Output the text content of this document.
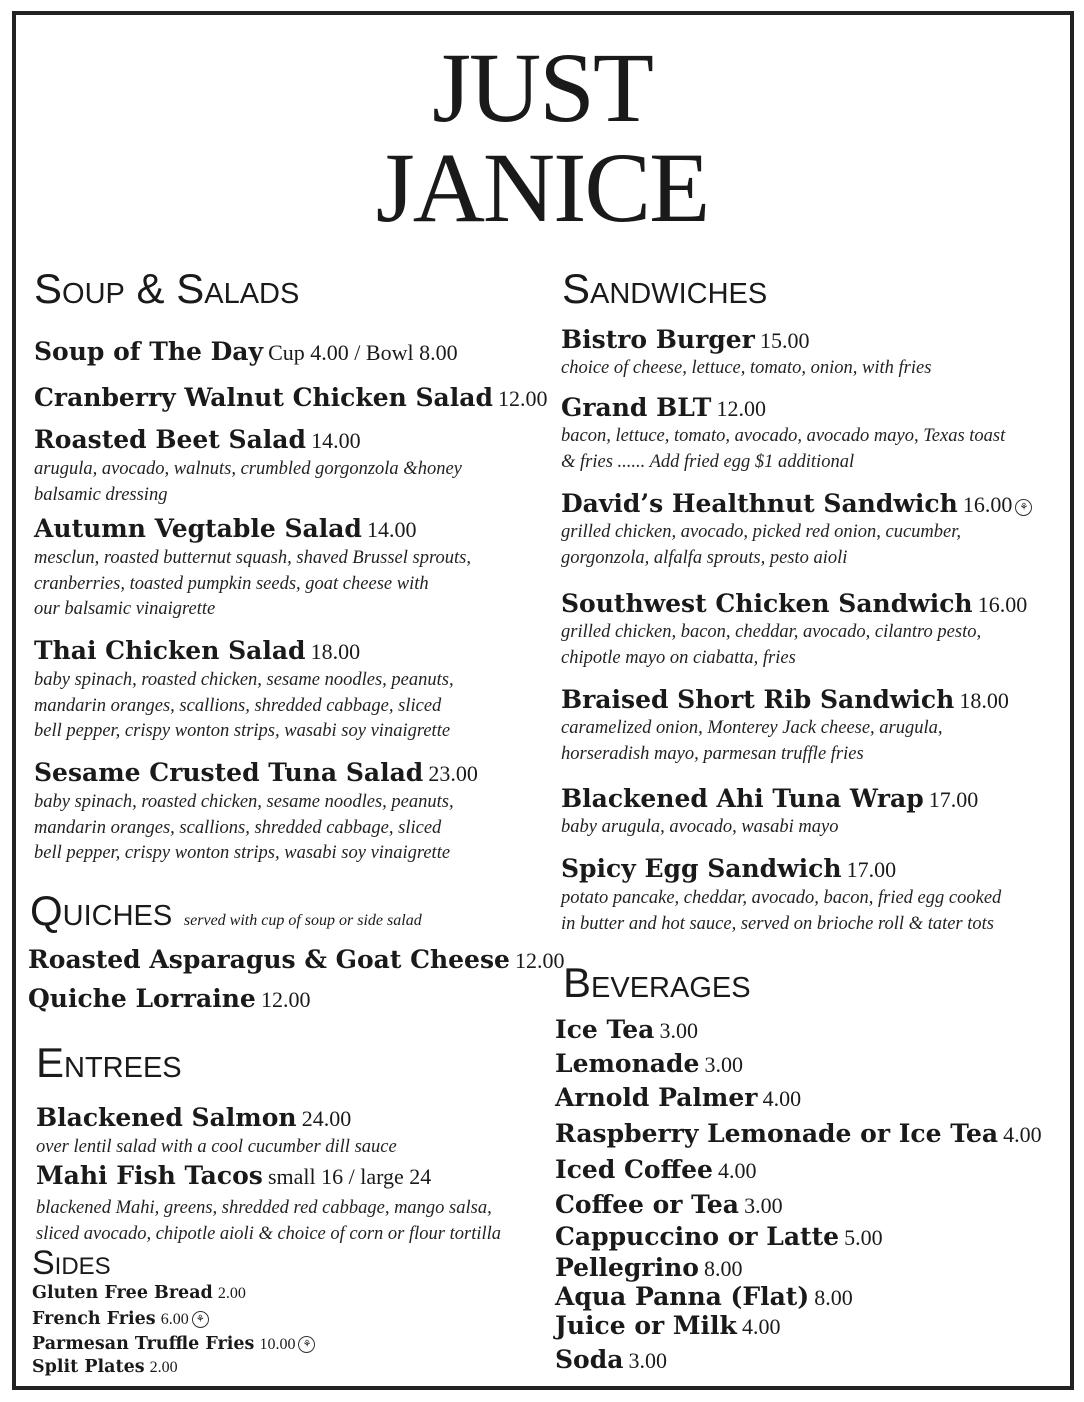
JUST
JANICE
Soup & Salads
Soup of The Day Cup 4.00 / Bowl 8.00
Cranberry Walnut Chicken Salad 12.00
Roasted Beet Salad 14.00
arugula, avocado, walnuts, crumbled gorgonzola &honey
balsamic dressing
Autumn Vegtable Salad 14.00
mesclun, roasted butternut squash, shaved Brussel sprouts,
cranberries, toasted pumpkin seeds, goat cheese with
our balsamic vinaigrette
Thai Chicken Salad 18.00
baby spinach, roasted chicken, sesame noodles, peanuts,
mandarin oranges, scallions, shredded cabbage, sliced
bell pepper, crispy wonton strips, wasabi soy vinaigrette
Sesame Crusted Tuna Salad 23.00
baby spinach, roasted chicken, sesame noodles, peanuts,
mandarin oranges, scallions, shredded cabbage, sliced
bell pepper, crispy wonton strips, wasabi soy vinaigrette
Quiches served with cup of soup or side salad
Roasted Asparagus & Goat Cheese 12.00
Quiche Lorraine 12.00
Entrees
Blackened Salmon 24.00
over lentil salad with a cool cucumber dill sauce
Mahi Fish Tacos small 16 / large 24
blackened Mahi, greens, shredded red cabbage, mango salsa,
sliced avocado, chipotle aioli & choice of corn or flour tortilla
Sides
Gluten Free Bread 2.00
French Fries 6.00⚘
Parmesan Truffle Fries 10.00⚘
Split Plates 2.00
Sandwiches
Bistro Burger 15.00
choice of cheese, lettuce, tomato, onion, with fries
Grand BLT 12.00
bacon, lettuce, tomato, avocado, avocado mayo, Texas toast
& fries ...... Add fried egg $1 additional
David’s Healthnut Sandwich 16.00⚘
grilled chicken, avocado, picked red onion, cucumber,
gorgonzola, alfalfa sprouts, pesto aioli
Southwest Chicken Sandwich 16.00
grilled chicken, bacon, cheddar, avocado, cilantro pesto,
chipotle mayo on ciabatta, fries
Braised Short Rib Sandwich 18.00
caramelized onion, Monterey Jack cheese, arugula,
horseradish mayo, parmesan truffle fries
Blackened Ahi Tuna Wrap 17.00
baby arugula, avocado, wasabi mayo
Spicy Egg Sandwich 17.00
potato pancake, cheddar, avocado, bacon, fried egg cooked
in butter and hot sauce, served on brioche roll & tater tots
Beverages
Ice Tea 3.00
Lemonade 3.00
Arnold Palmer 4.00
Raspberry Lemonade or Ice Tea 4.00
Iced Coffee 4.00
Coffee or Tea 3.00
Cappuccino or Latte 5.00
Pellegrino 8.00
Aqua Panna (Flat) 8.00
Juice or Milk 4.00
Soda 3.00
